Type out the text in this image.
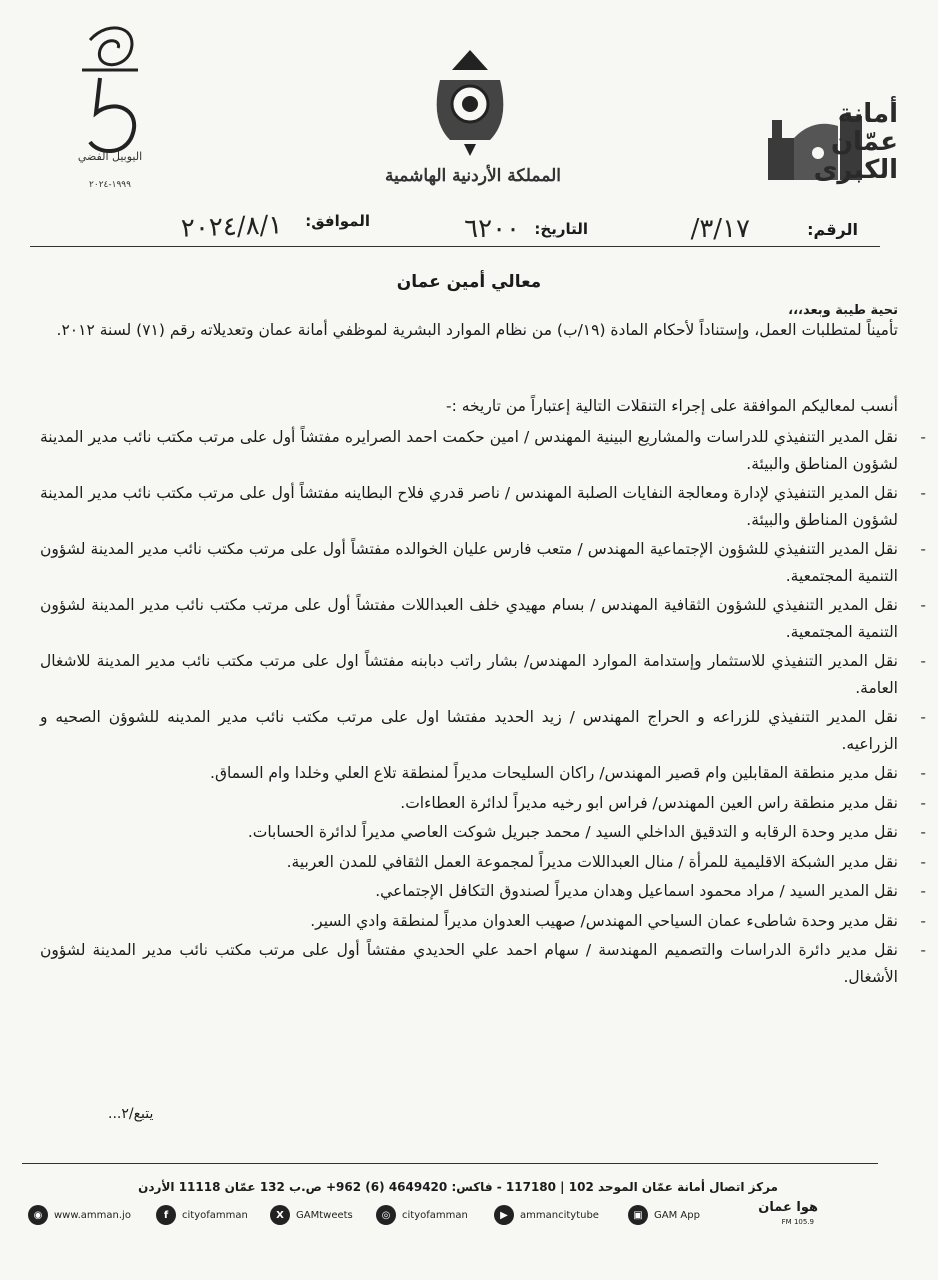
اليوبيل الفضي
١٩٩٩-٢٠٢٤	المملكة الأردنية الهاشمية
أمانة
عمّان
الكبرى
الرقم:
٣/١٧/
التاريخ:
٦٢٠٠
الموافق:
٢٠٢٤/٨/١
معالي أمين عمان
تحية طيبة وبعد،،،
تأميناً لمتطلبات العمل، وإستناداً لأحكام المادة (١٩/ب) من نظام الموارد البشرية لموظفي أمانة عمان وتعديلاته رقم (٧١) لسنة ٢٠١٢.
أنسب لمعاليكم الموافقة على إجراء التنقلات التالية إعتباراً من تاريخه :-
-
نقل المدير التنفيذي للدراسات والمشاريع البينية المهندس / امين حكمت احمد الصرايره مفتشاً أول على مرتب مكتب نائب مدير المدينة لشؤون المناطق والبيئة.
-
نقل المدير التنفيذي لإدارة ومعالجة النفايات الصلبة المهندس / ناصر قدري فلاح البطاينه مفتشاً أول على مرتب مكتب نائب مدير المدينة لشؤون المناطق والبيئة.
-
نقل المدير التنفيذي للشؤون الإجتماعية المهندس / متعب فارس عليان الخوالده مفتشاً أول على مرتب مكتب نائب مدير المدينة لشؤون التنمية المجتمعية.
-
نقل المدير التنفيذي للشؤون الثقافية المهندس / بسام مهيدي خلف العبداللات مفتشاً أول على مرتب مكتب نائب مدير المدينة لشؤون التنمية المجتمعية.
-
نقل المدير التنفيذي للاستثمار وإستدامة الموارد المهندس/ بشار راتب دبابنه مفتشاً اول على مرتب مكتب نائب مدير المدينة للاشغال العامة.
-
نقل المدير التنفيذي للزراعه و الحراج المهندس / زيد الحديد مفتشا اول على مرتب مكتب نائب مدير المدينه للشوؤن الصحيه و الزراعيه.
-
نقل مدير منطقة المقابلين وام قصير المهندس/ راكان السليحات مديراً لمنطقة تلاع العلي وخلدا وام السماق.
-
نقل مدير منطقة راس العين المهندس/ فراس ابو رخيه مديراً لدائرة العطاءات.
-
نقل مدير وحدة الرقابه و التدقيق الداخلي السيد / محمد جبريل شوكت العاصي مديراً لدائرة الحسابات.
-
نقل مدير الشبكة الاقليمية للمرأة / منال العبداللات مديراً لمجموعة العمل الثقافي للمدن العربية.
-
نقل المدير السيد / مراد محمود اسماعيل وهدان مديراً لصندوق التكافل الإجتماعي.
-
نقل مدير وحدة شاطىء عمان السياحي المهندس/ صهيب العدوان مديراً لمنطقة وادي السير.
-
نقل مدير دائرة الدراسات والتصميم المهندسة / سهام احمد علي الحديدي مفتشاً أول على مرتب مكتب نائب مدير المدينة لشؤون الأشغال.
يتبع/٢...
مركز اتصال أمانة عمّان الموحد 102 | 117180 - فاكس: 4649420 (6) 962+ ص.ب 132 عمّان 11118 الأردن
هوا عمان
105.9 FM
◉	www.amman.jo	f	cityofamman	X	GAMtweets	◎	cityofamman	▶	ammancitytube	▣	GAM App
